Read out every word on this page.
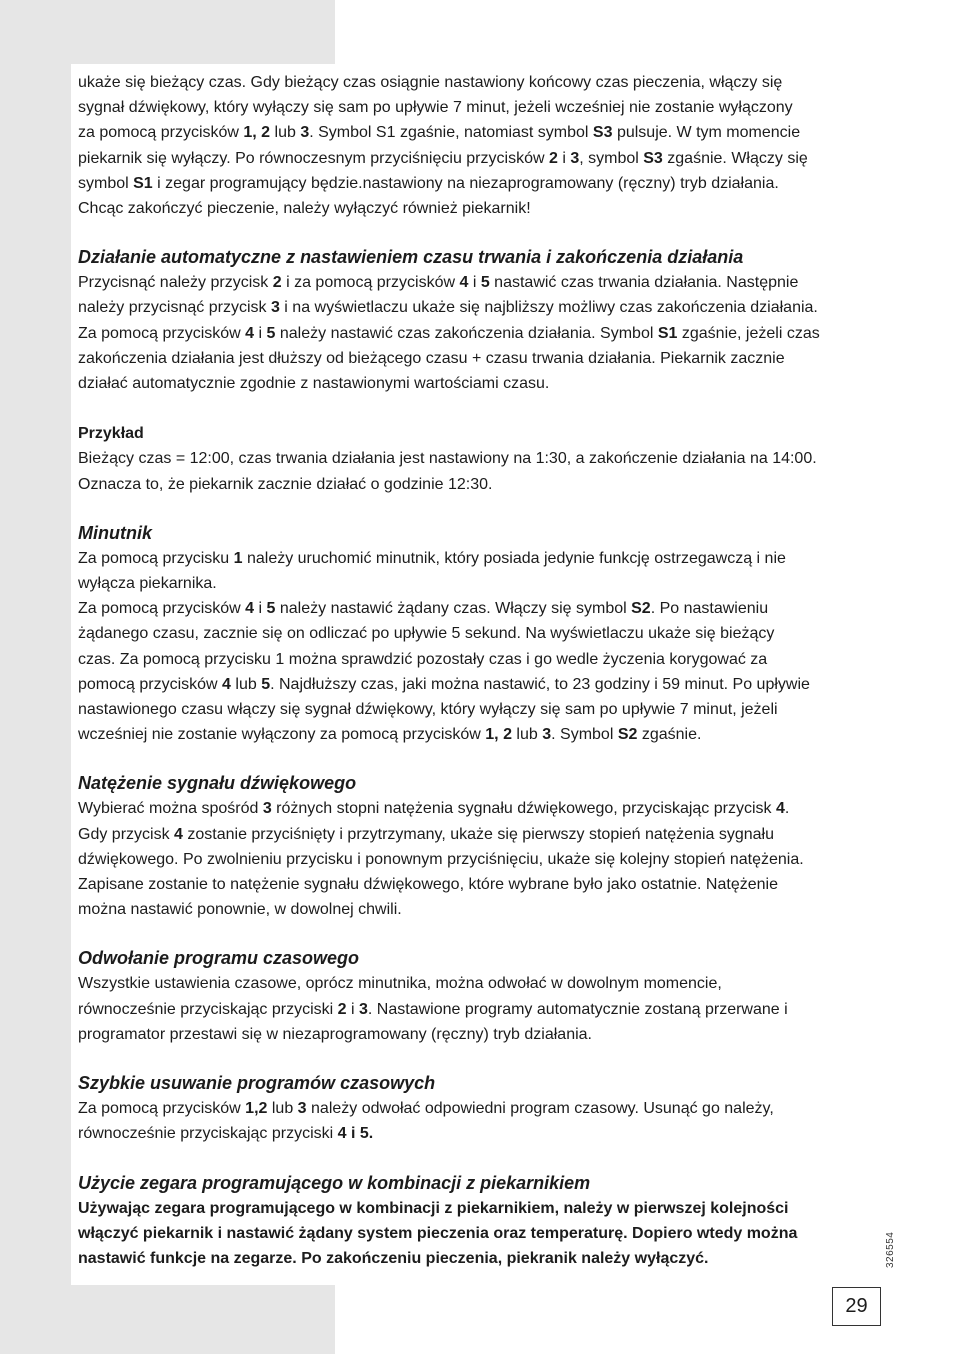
ukaże się bieżący czas. Gdy bieżący czas osiągnie nastawiony końcowy czas pieczenia, włączy się
sygnał dźwiękowy, który wyłączy się sam po upływie 7 minut, jeżeli wcześniej nie zostanie wyłączony
za pomocą przycisków 1, 2 lub 3. Symbol S1 zgaśnie, natomiast symbol S3 pulsuje. W tym momencie
piekarnik się wyłączy. Po równoczesnym przyciśnięciu przycisków 2 i 3, symbol S3 zgaśnie. Włączy się
symbol S1 i zegar programujący będzie.nastawiony na niezaprogramowany (ręczny) tryb działania.
Chcąc zakończyć pieczenie, należy wyłączyć również piekarnik!
Działanie automatyczne z nastawieniem czasu trwania i zakończenia działania
Przycisnąć należy przycisk 2 i za pomocą przycisków 4 i 5 nastawić czas trwania działania. Następnie
należy przycisnąć przycisk 3 i na wyświetlaczu ukaże się najbliższy możliwy czas zakończenia działania.
Za pomocą przycisków 4 i 5 należy nastawić czas zakończenia działania. Symbol S1 zgaśnie, jeżeli czas
zakończenia działania jest dłuższy od bieżącego czasu + czasu trwania działania. Piekarnik zacznie
działać automatycznie zgodnie z nastawionymi wartościami czasu.
Przykład
Bieżący czas = 12:00, czas trwania działania jest nastawiony na 1:30, a zakończenie działania na 14:00.
Oznacza to, że piekarnik zacznie działać o godzinie 12:30.
Minutnik
Za pomocą przycisku 1 należy uruchomić minutnik, który posiada jedynie funkcję ostrzegawczą i nie
wyłącza piekarnika.
Za pomocą przycisków 4 i 5 należy nastawić żądany czas. Włączy się symbol S2. Po nastawieniu
żądanego czasu, zacznie się on odliczać po upływie 5 sekund. Na wyświetlaczu ukaże się bieżący
czas. Za pomocą przycisku 1 można sprawdzić pozostały czas i go wedle życzenia korygować za
pomocą przycisków 4 lub 5. Najdłuższy czas, jaki można nastawić, to 23 godziny i 59 minut. Po upływie
nastawionego czasu włączy się sygnał dźwiękowy, który wyłączy się sam po upływie 7 minut, jeżeli
wcześniej nie zostanie wyłączony za pomocą przycisków 1, 2 lub 3. Symbol S2 zgaśnie.
Natężenie sygnału dźwiękowego
Wybierać można spośród 3 różnych stopni natężenia sygnału dźwiękowego, przyciskając przycisk 4.
Gdy przycisk 4 zostanie przyciśnięty i przytrzymany, ukaże się pierwszy stopień natężenia sygnału
dźwiękowego. Po zwolnieniu przycisku i ponownym przyciśnięciu, ukaże się kolejny stopień natężenia.
Zapisane zostanie to natężenie sygnału dźwiękowego, które wybrane było jako ostatnie. Natężenie
można nastawić ponownie, w dowolnej chwili.
Odwołanie programu czasowego
Wszystkie ustawienia czasowe, oprócz minutnika, można odwołać w dowolnym momencie,
równocześnie przyciskając przyciski 2 i 3. Nastawione programy automatycznie zostaną przerwane i
programator przestawi się w niezaprogramowany (ręczny) tryb działania.
Szybkie usuwanie programów czasowych
Za pomocą przycisków 1,2 lub 3 należy odwołać odpowiedni program czasowy. Usunąć go należy,
równocześnie przyciskając przyciski 4 i 5.
Użycie zegara programującego w kombinacji z piekarnikiem
Używając zegara programującego w kombinacji z piekarnikiem, należy w pierwszej kolejności
włączyć piekarnik i nastawić żądany system pieczenia oraz temperaturę. Dopiero wtedy można
nastawić funkcje na zegarze. Po zakończeniu pieczenia, piekranik należy wyłączyć.	326554
29
